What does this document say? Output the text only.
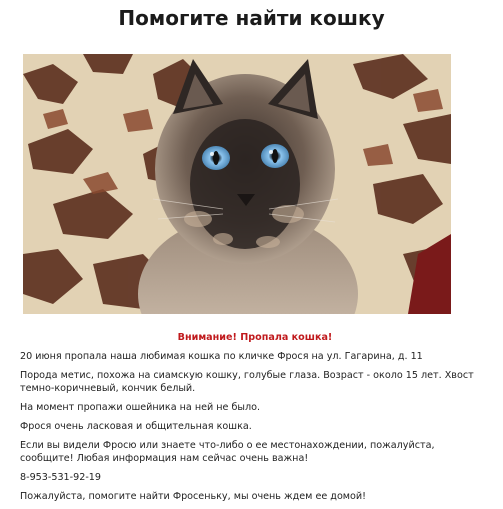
Помогите найти кошку

Внимание! Пропала кошка!

20 июня пропала наша любимая кошка по кличке Фрося на ул. Гагарина, д. 11

Порода метис, похожа на сиамскую кошку, голубые глаза. Возраст - около 15 лет. Хвост темно-коричневый, кончик белый.

На момент пропажи ошейника на ней не было.

Фрося очень ласковая и общительная кошка.

Если вы видели Фросю или знаете что-либо о ее местонахождении, пожалуйста, сообщите! Любая информация нам сейчас очень важна!

8-953-531-92-19

Пожалуйста, помогите найти Фросеньку, мы очень ждем ее домой!
